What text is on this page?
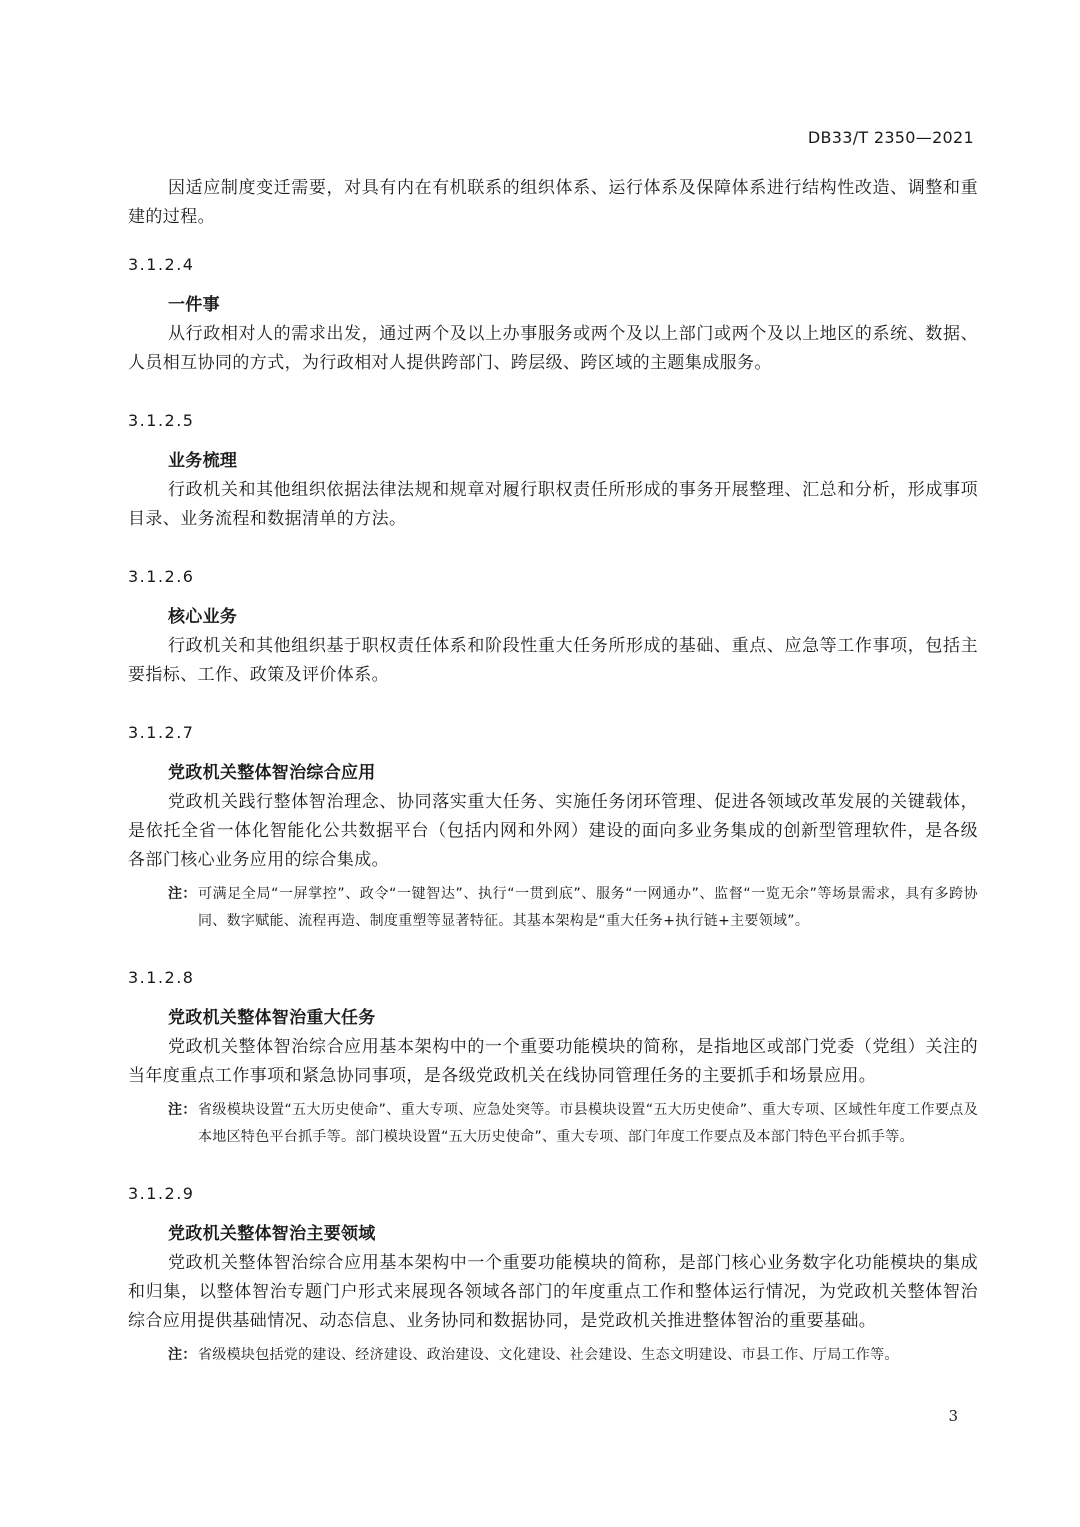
DB33/T 2350—2021

因适应制度变迁需要，对具有内在有机联系的组织体系、运行体系及保障体系进行结构性改造、调整和重建的过程。

3.1.2.4
一件事

从行政相对人的需求出发，通过两个及以上办事服务或两个及以上部门或两个及以上地区的系统、数据、人员相互协同的方式，为行政相对人提供跨部门、跨层级、跨区域的主题集成服务。

3.1.2.5
业务梳理

行政机关和其他组织依据法律法规和规章对履行职权责任所形成的事务开展整理、汇总和分析，形成事项目录、业务流程和数据清单的方法。

3.1.2.6
核心业务

行政机关和其他组织基于职权责任体系和阶段性重大任务所形成的基础、重点、应急等工作事项，包括主要指标、工作、政策及评价体系。

3.1.2.7
党政机关整体智治综合应用

党政机关践行整体智治理念、协同落实重大任务、实施任务闭环管理、促进各领域改革发展的关键载体，是依托全省一体化智能化公共数据平台（包括内网和外网）建设的面向多业务集成的创新型管理软件，是各级各部门核心业务应用的综合集成。

注： 可满足全局“一屏掌控”、政令“一键智达”、执行“一贯到底”、服务“一网通办”、监督“一览无余”等场景需求，具有多跨协同、数字赋能、流程再造、制度重塑等显著特征。其基本架构是“重大任务+执行链+主要领域”。
3.1.2.8
党政机关整体智治重大任务

党政机关整体智治综合应用基本架构中的一个重要功能模块的简称，是指地区或部门党委（党组）关注的当年度重点工作事项和紧急协同事项，是各级党政机关在线协同管理任务的主要抓手和场景应用。

注： 省级模块设置“五大历史使命”、重大专项、应急处突等。市县模块设置“五大历史使命”、重大专项、区域性年度工作要点及本地区特色平台抓手等。部门模块设置“五大历史使命”、重大专项、部门年度工作要点及本部门特色平台抓手等。
3.1.2.9
党政机关整体智治主要领域

党政机关整体智治综合应用基本架构中一个重要功能模块的简称，是部门核心业务数字化功能模块的集成和归集，以整体智治专题门户形式来展现各领域各部门的年度重点工作和整体运行情况，为党政机关整体智治综合应用提供基础情况、动态信息、业务协同和数据协同，是党政机关推进整体智治的重要基础。

注： 省级模块包括党的建设、经济建设、政治建设、文化建设、社会建设、生态文明建设、市县工作、厅局工作等。
3
